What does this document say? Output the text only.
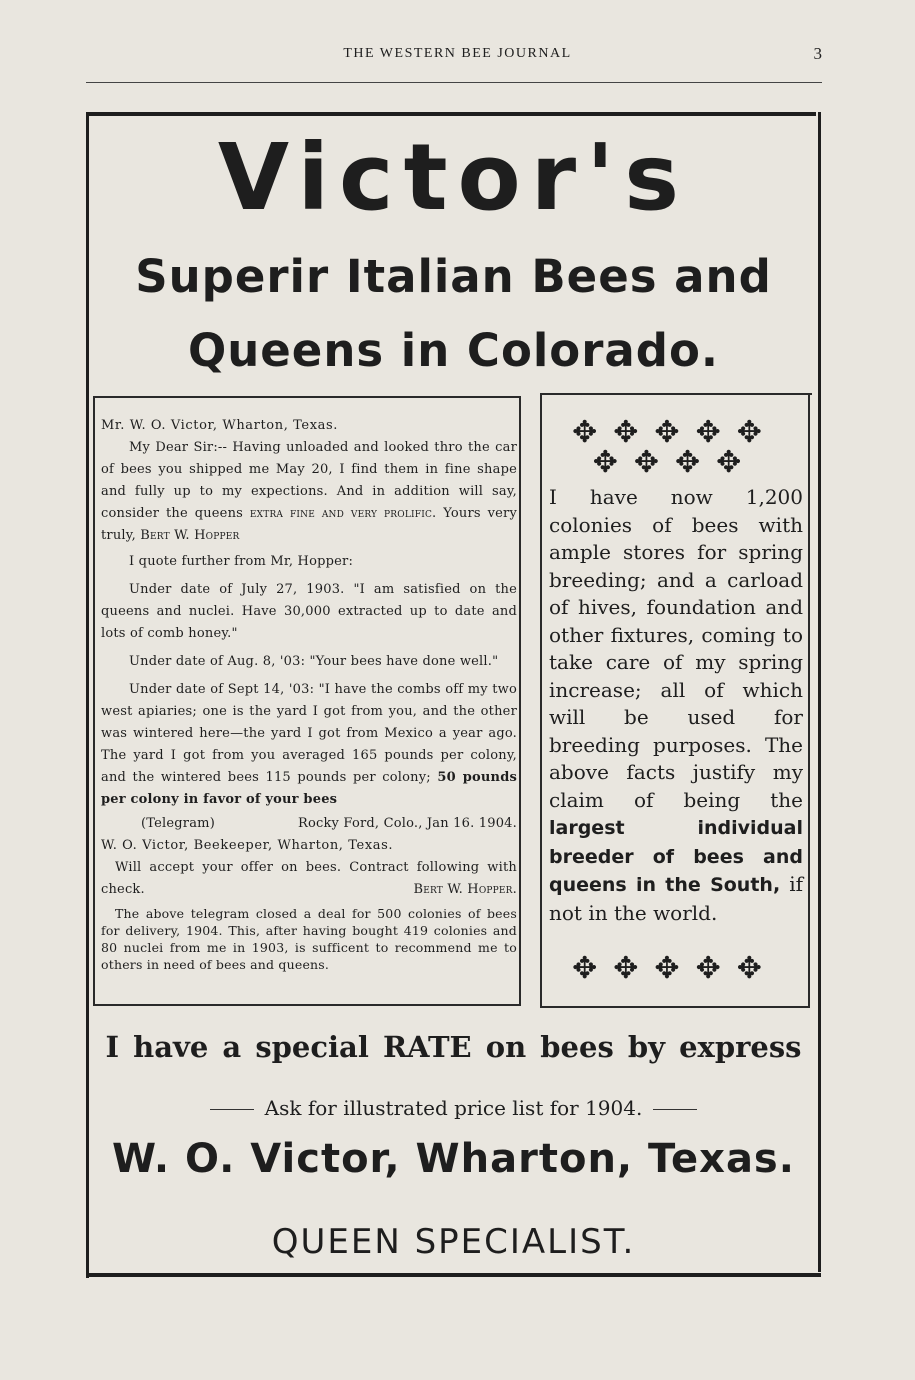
THE WESTERN BEE JOURNAL	3
Victor's
Superir Italian Bees and
Queens in Colorado.

Mr. W. O. Victor, Wharton, Texas.

My Dear Sir:-- Having unloaded and looked thro the car of bees you shipped me May 20, I find them in fine shape and fully up to my expections. And in addition will say, consider the queens extra fine and very prolific. Yours very truly, Bert W. Hopper

I quote further from Mr, Hopper:

Under date of July 27, 1903. "I am satisfied on the queens and nuclei. Have 30,000 extracted up to date and lots of comb honey."

Under date of Aug. 8, '03: "Your bees have done well."

Under date of Sept 14, '03: "I have the combs off my two west apiaries; one is the yard I got from you, and the other was wintered here—the yard I got from Mexico a year ago. The yard I got from you averaged 165 pounds per colony, and the wintered bees 115 pounds per colony; 50 pounds per colony in favor of your bees

(Telegram)	Rocky Ford, Colo., Jan 16. 1904.

W. O. Victor, Beekeeper, Wharton, Texas.

Will accept your offer on bees. Contract following with check.	Bert W. Hopper.

The above telegram closed a deal for 500 colonies of bees for delivery, 1904. This, after having bought 419 colonies and 80 nuclei from me in 1903, is sufficent to recommend me to others in need of bees and queens.

✥✥✥✥✥
✥✥✥✥
I have now 1,200 colonies of bees with ample stores for spring breeding; and a carload of hives, foundation and other fixtures, coming to take care of my spring increase; all of which will be used for breeding purposes. The above facts justify my claim of being the largest individual breeder of bees and queens in the South, if not in the world.
✥✥✥✥✥
I have a special RATE on bees by express
Ask for illustrated price list for 1904.
W. O. Victor, Wharton, Texas.
QUEEN SPECIALIST.
